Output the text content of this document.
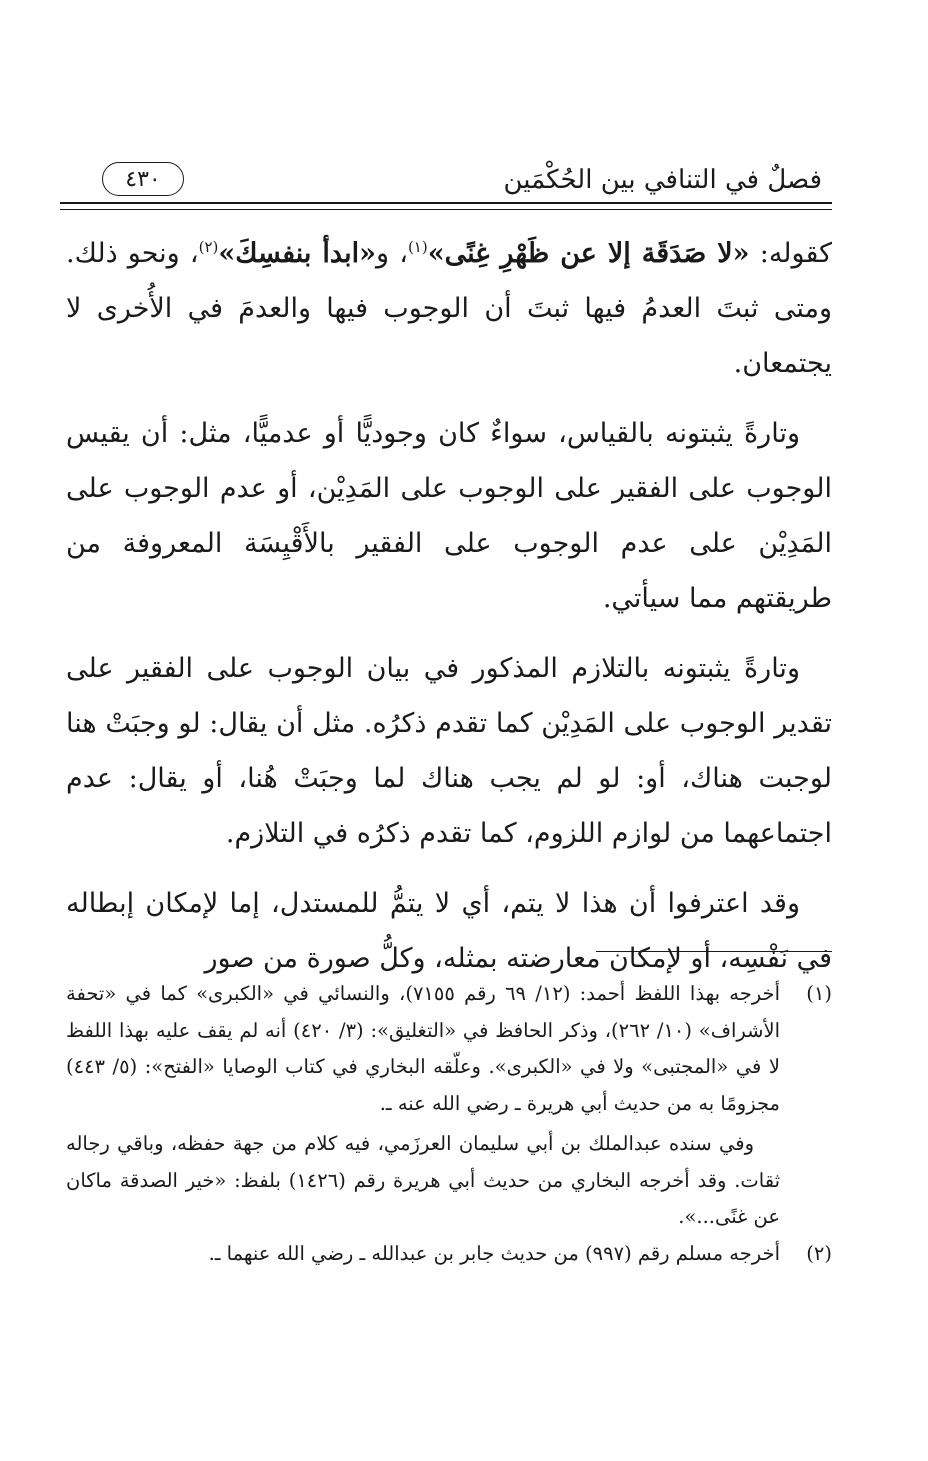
فصلٌ في التنافي بين الحُكْمَين
٤٣٠

كقوله: «لا صَدَقَة إلا عن ظَهْرِ غِنًى»$^{(١)}$، و«ابدأ بنفسِكَ»$^{(٢)}$، ونحو ذلك. ومتى ثبتَ العدمُ فيها ثبتَ أن الوجوب فيها والعدمَ في الأُخرى لا يجتمعان.

وتارةً يثبتونه بالقياس، سواءٌ كان وجوديًّا أو عدميًّا، مثل: أن يقيس الوجوب على الفقير على الوجوب على المَدِيْن، أو عدم الوجوب على المَدِيْن على عدم الوجوب على الفقير بالأَقْيِسَة المعروفة من طريقتهم مما سيأتي.

وتارةً يثبتونه بالتلازم المذكور في بيان الوجوب على الفقير على تقدير الوجوب على المَدِيْن كما تقدم ذكرُه. مثل أن يقال: لو وجبَتْ هنا لوجبت هناك، أو: لو لم يجب هناك لما وجبَتْ هُنا، أو يقال: عدم اجتماعهما من لوازم اللزوم، كما تقدم ذكرُه في التلازم.

وقد اعترفوا أن هذا لا يتم، أي لا يتمُّ للمستدل، إما لإمكان إبطاله في نَفْسِه، أو لإمكان معارضته بمثله، وكلُّ صورة من صور

(١)

أخرجه بهذا اللفظ أحمد: (١٢/ ٦٩ رقم ٧١٥٥)، والنسائي في «الكبرى» كما في «تحفة الأشراف» (١٠/ ٢٦٢)، وذكر الحافظ في «التغليق»: (٣/ ٤٢٠) أنه لم يقف عليه بهذا اللفظ لا في «المجتبى» ولا في «الكبرى». وعلّقه البخاري في كتاب الوصايا «الفتح»: (٥/ ٤٤٣) مجزومًا به من حديث أبي هريرة ـ رضي الله عنه ـ.

وفي سنده عبدالملك بن أبي سليمان العرزَمي، فيه كلام من جهة حفظه، وباقي رجاله ثقات. وقد أخرجه البخاري من حديث أبي هريرة رقم (١٤٢٦) بلفظ: «خير الصدقة ماكان عن غنًى...».

(٢)

أخرجه مسلم رقم (٩٩٧) من حديث جابر بن عبدالله ـ رضي الله عنهما ـ.
